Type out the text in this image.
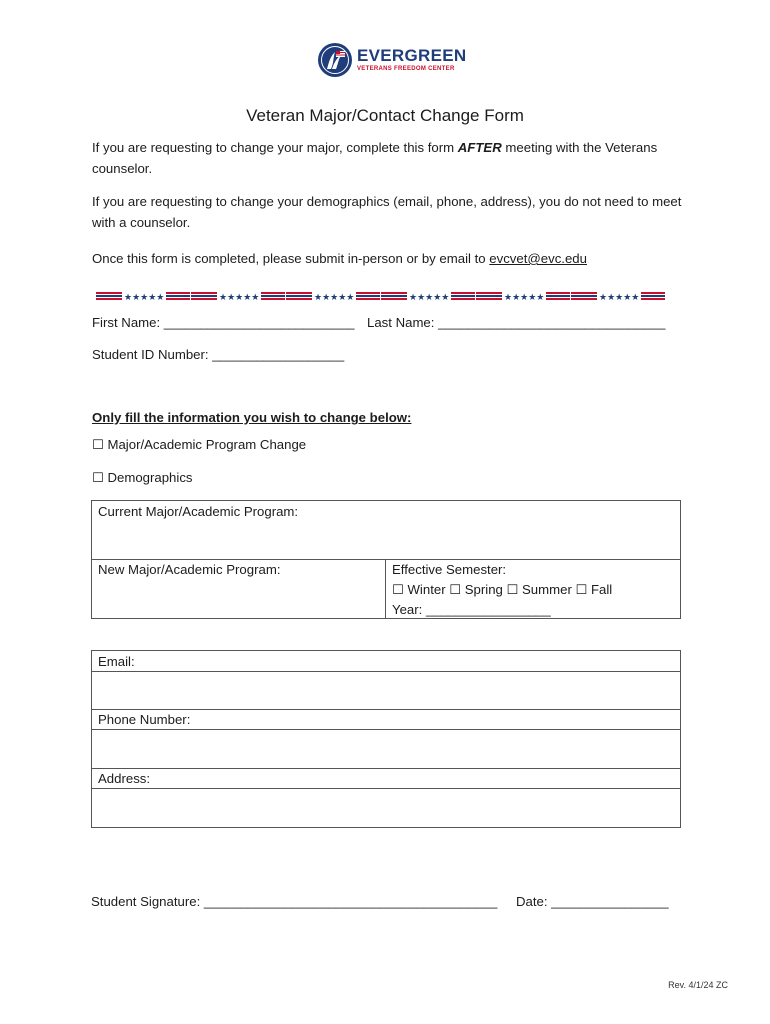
EVERGREEN
VETERANS FREEDOM CENTER
Veteran Major/Contact Change Form
If you are requesting to change your major, complete this form AFTER meeting with the Veterans counselor.
If you are requesting to change your demographics (email, phone, address), you do not need to meet with a counselor.
Once this form is completed, please submit in-person or by email to evcvet@evc.edu
★★★★★
First Name: __________________________ Last Name: _______________________________
Student ID Number: __________________
Only fill the information you wish to change below:
☐ Major/Academic Program Change
☐ Demographics
Current Major/Academic Program:
New Major/Academic Program:	Effective Semester:
☐ Winter ☐ Spring ☐ Summer ☐ Fall
Year: _________________
Email:
Phone Number:
Address:
Student Signature: ________________________________________ Date: ________________
Rev. 4/1/24 ZC
